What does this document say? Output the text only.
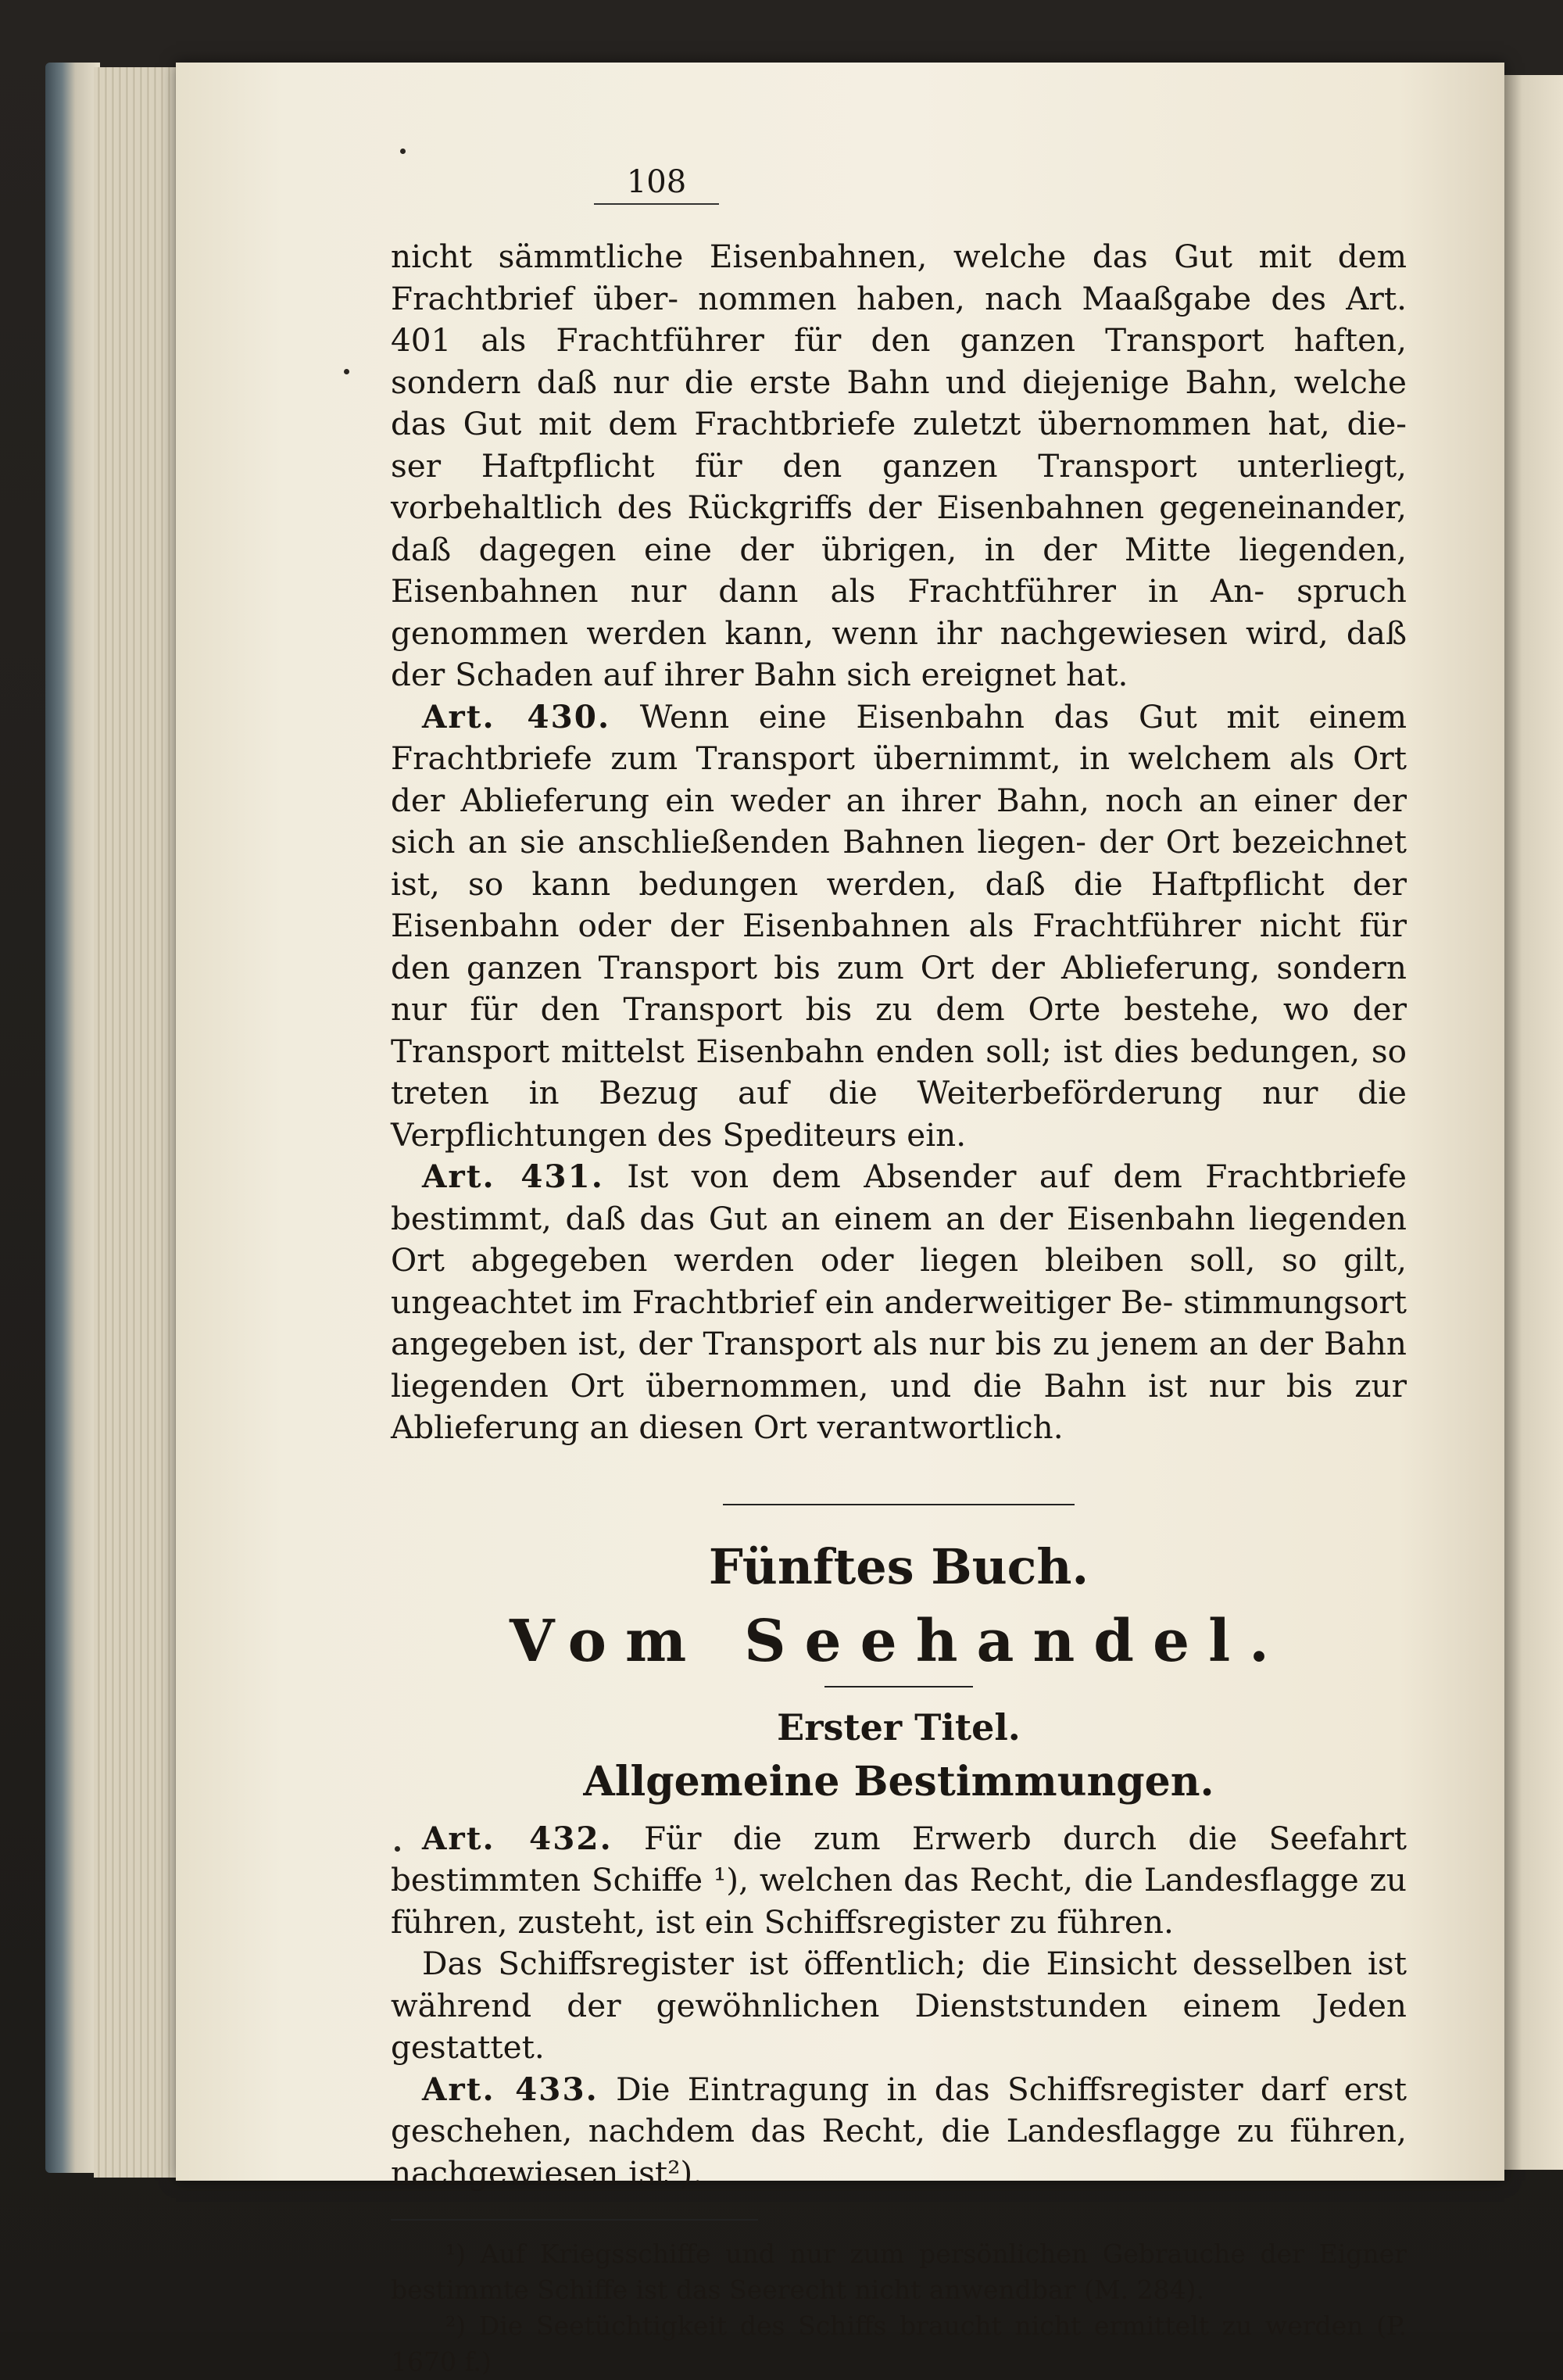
108

nicht sämmtliche Eisenbahnen, welche das Gut mit dem Frachtbrief über- nommen haben, nach Maaßgabe des Art. 401 als Frachtführer für den ganzen Transport haften, sondern daß nur die erste Bahn und diejenige Bahn, welche das Gut mit dem Frachtbriefe zuletzt übernommen hat, die- ser Haftpflicht für den ganzen Transport unterliegt, vorbehaltlich des Rückgriffs der Eisenbahnen gegeneinander, daß dagegen eine der übrigen, in der Mitte liegenden, Eisenbahnen nur dann als Frachtführer in An- spruch genommen werden kann, wenn ihr nachgewiesen wird, daß der Schaden auf ihrer Bahn sich ereignet hat.

Art. 430. Wenn eine Eisenbahn das Gut mit einem Frachtbriefe zum Transport übernimmt, in welchem als Ort der Ablieferung ein weder an ihrer Bahn, noch an einer der sich an sie anschließenden Bahnen liegen- der Ort bezeichnet ist, so kann bedungen werden, daß die Haftpflicht der Eisenbahn oder der Eisenbahnen als Frachtführer nicht für den ganzen Transport bis zum Ort der Ablieferung, sondern nur für den Transport bis zu dem Orte bestehe, wo der Transport mittelst Eisenbahn enden soll; ist dies bedungen, so treten in Bezug auf die Weiterbeförderung nur die Verpflichtungen des Spediteurs ein.

Art. 431. Ist von dem Absender auf dem Frachtbriefe bestimmt, daß das Gut an einem an der Eisenbahn liegenden Ort abgegeben werden oder liegen bleiben soll, so gilt, ungeachtet im Frachtbrief ein anderweitiger Be- stimmungsort angegeben ist, der Transport als nur bis zu jenem an der Bahn liegenden Ort übernommen, und die Bahn ist nur bis zur Ablieferung an diesen Ort verantwortlich.

Fünftes Buch.

Vom Seehandel.

Erster Titel.

Allgemeine Bestimmungen.

Art. 432. Für die zum Erwerb durch die Seefahrt bestimmten Schiffe ¹), welchen das Recht, die Landesflagge zu führen, zusteht, ist ein Schiffsregister zu führen.

Das Schiffsregister ist öffentlich; die Einsicht desselben ist während der gewöhnlichen Dienststunden einem Jeden gestattet.

Art. 433. Die Eintragung in das Schiffsregister darf erst geschehen, nachdem das Recht, die Landesflagge zu führen, nachgewiesen ist²).

¹) Auf Kriegsschiffe und nur zum persönlichen Gebrauche der Eigner bestimmte Schiffe ist das Seerecht nicht anwendbar (M. 284).

²) Die Seetüchtigkeit des Schiffs braucht nicht ermittelt zu werden (P. 1670 f.)
